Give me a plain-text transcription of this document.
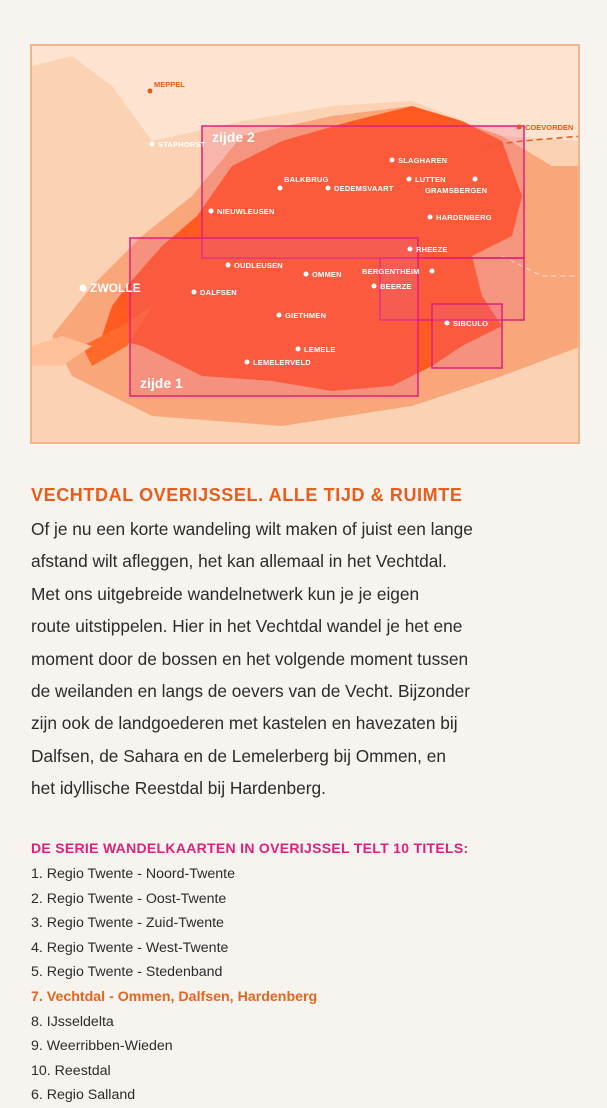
zijde 2
zijde 1
MEPPEL
STAPHORST
COEVORDEN
SLAGHAREN
LUTTEN
GRAMSBERGEN
BALKBRUG
DEDEMSVAART
NIEUWLEUSEN
HARDENBERG
RHEEZE
OUDLEUSEN
OMMEN	BERGENTHEIM
ZWOLLE	DALFSEN
BEERZE
GIETHMEN
SIBCULO
LEMELE
LEMELERVELD
VECHTDAL OVERIJSSEL. ALLE TIJD & RUIMTE
Of je nu een korte wandeling wilt maken of juist een lange
afstand wilt afleggen, het kan allemaal in het Vechtdal.
Met ons uitgebreide wandelnetwerk kun je je eigen
route uitstippelen. Hier in het Vechtdal wandel je het ene
moment door de bossen en het volgende moment tussen
de weilanden en langs de oevers van de Vecht. Bijzonder
zijn ook de landgoederen met kastelen en havezaten bij
Dalfsen, de Sahara en de Lemelerberg bij Ommen, en
het idyllische Reestdal bij Hardenberg.
DE SERIE WANDELKAARTEN IN OVERIJSSEL TELT 10 TITELS:
1. Regio Twente - Noord-Twente
2. Regio Twente - Oost-Twente
3. Regio Twente - Zuid-Twente
4. Regio Twente - West-Twente
5. Regio Twente - Stedenband
7. Vechtdal - Ommen, Dalfsen, Hardenberg
8. IJsseldelta
9. Weerribben-Wieden
10. Reestdal
6. Regio Salland
